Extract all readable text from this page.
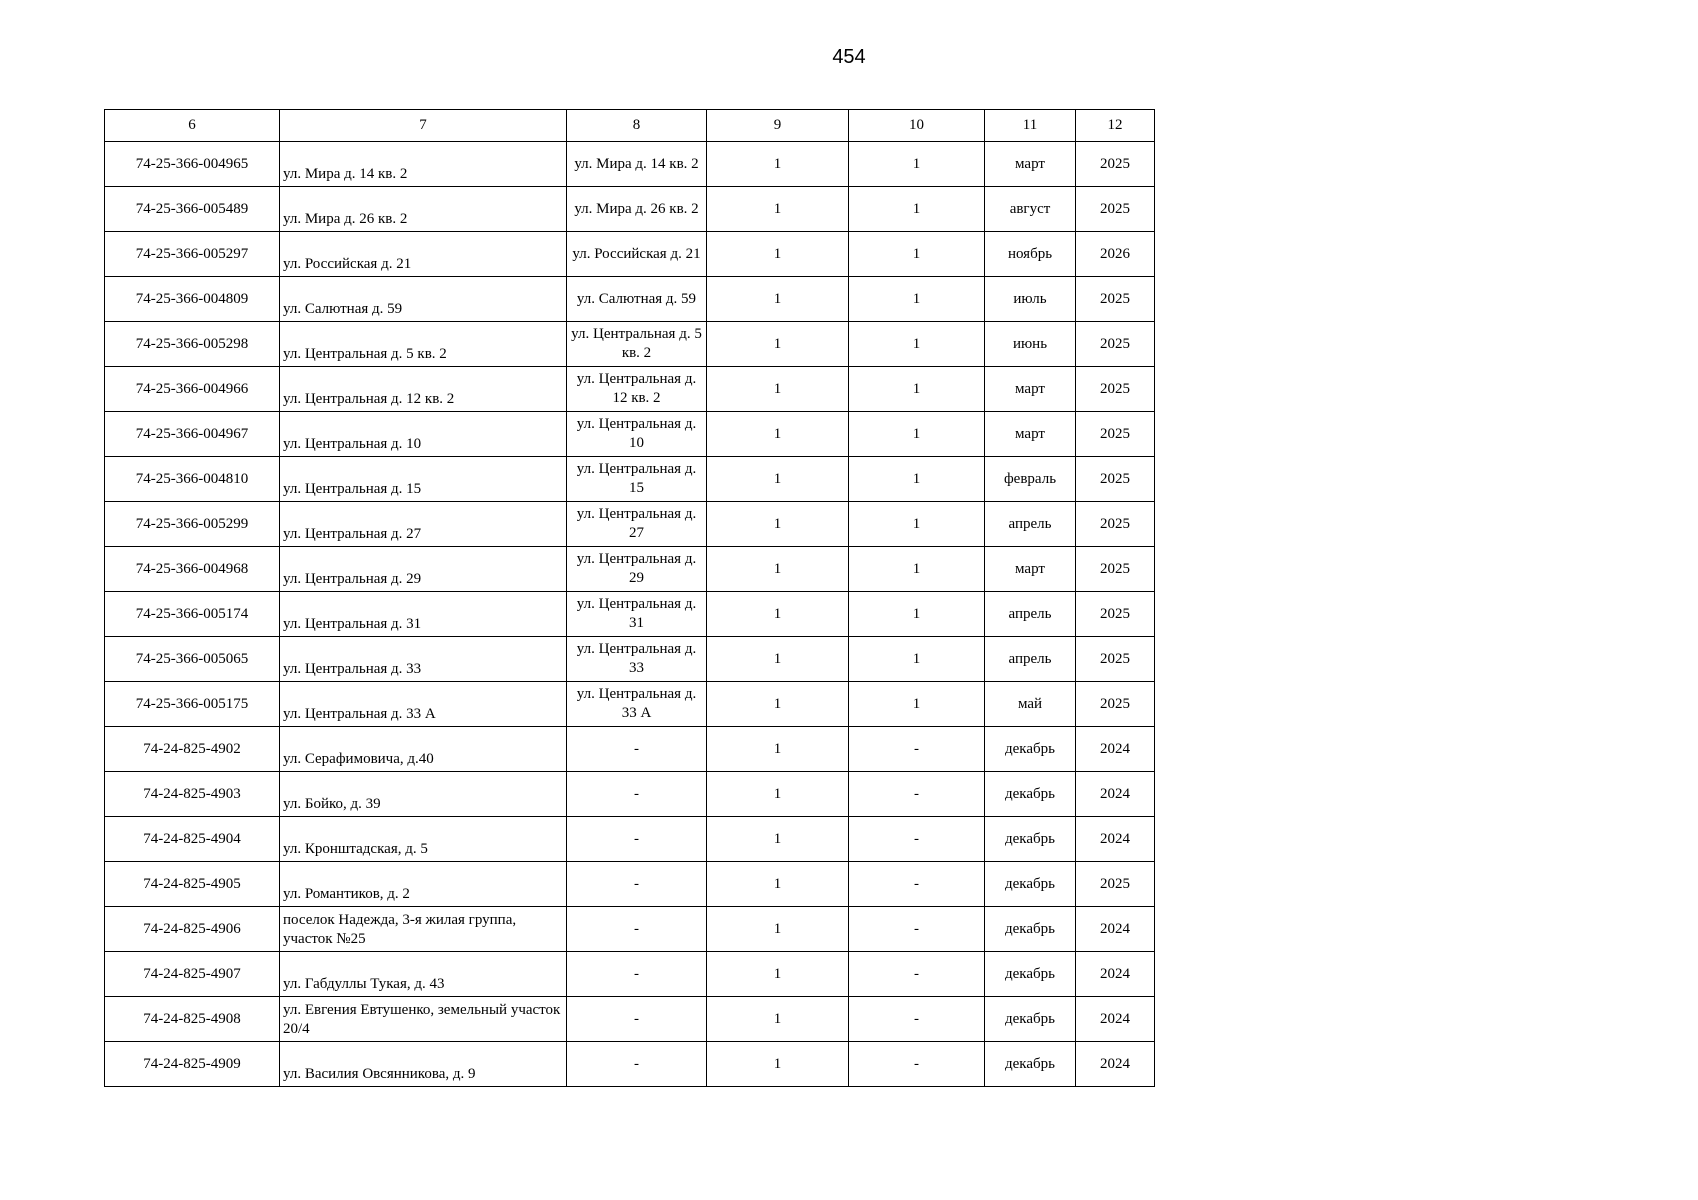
454
6	7	8	9	10	11	12
74-25-366-004965	ул. Мира д. 14 кв. 2	ул. Мира д. 14 кв. 2	1	1	март	2025
74-25-366-005489	ул. Мира д. 26 кв. 2	ул. Мира д. 26 кв. 2	1	1	август	2025
74-25-366-005297	ул. Российская д. 21	ул. Российская д. 21	1	1	ноябрь	2026
74-25-366-004809	ул. Салютная д. 59	ул. Салютная д. 59	1	1	июль	2025
74-25-366-005298	ул. Центральная д. 5 кв. 2	ул. Центральная д. 5 кв. 2	1	1	июнь	2025
74-25-366-004966	ул. Центральная д. 12 кв. 2	ул. Центральная д. 12 кв. 2	1	1	март	2025
74-25-366-004967	ул. Центральная д. 10	ул. Центральная д. 10	1	1	март	2025
74-25-366-004810	ул. Центральная д. 15	ул. Центральная д. 15	1	1	февраль	2025
74-25-366-005299	ул. Центральная д. 27	ул. Центральная д. 27	1	1	апрель	2025
74-25-366-004968	ул. Центральная д. 29	ул. Центральная д. 29	1	1	март	2025
74-25-366-005174	ул. Центральная д. 31	ул. Центральная д. 31	1	1	апрель	2025
74-25-366-005065	ул. Центральная д. 33	ул. Центральная д. 33	1	1	апрель	2025
74-25-366-005175	ул. Центральная д. 33 А	ул. Центральная д. 33 А	1	1	май	2025
74-24-825-4902	ул. Серафимовича, д.40	-	1	-	декабрь	2024
74-24-825-4903	ул. Бойко, д. 39	-	1	-	декабрь	2024
74-24-825-4904	ул. Кронштадская, д. 5	-	1	-	декабрь	2024
74-24-825-4905	ул. Романтиков, д. 2	-	1	-	декабрь	2025
74-24-825-4906	поселок Надежда, 3-я жилая группа, участок №25	-	1	-	декабрь	2024
74-24-825-4907	ул. Габдуллы Тукая, д. 43	-	1	-	декабрь	2024
74-24-825-4908	ул. Евгения Евтушенко, земельный участок 20/4	-	1	-	декабрь	2024
74-24-825-4909	ул. Василия Овсянникова, д. 9	-	1	-	декабрь	2024
